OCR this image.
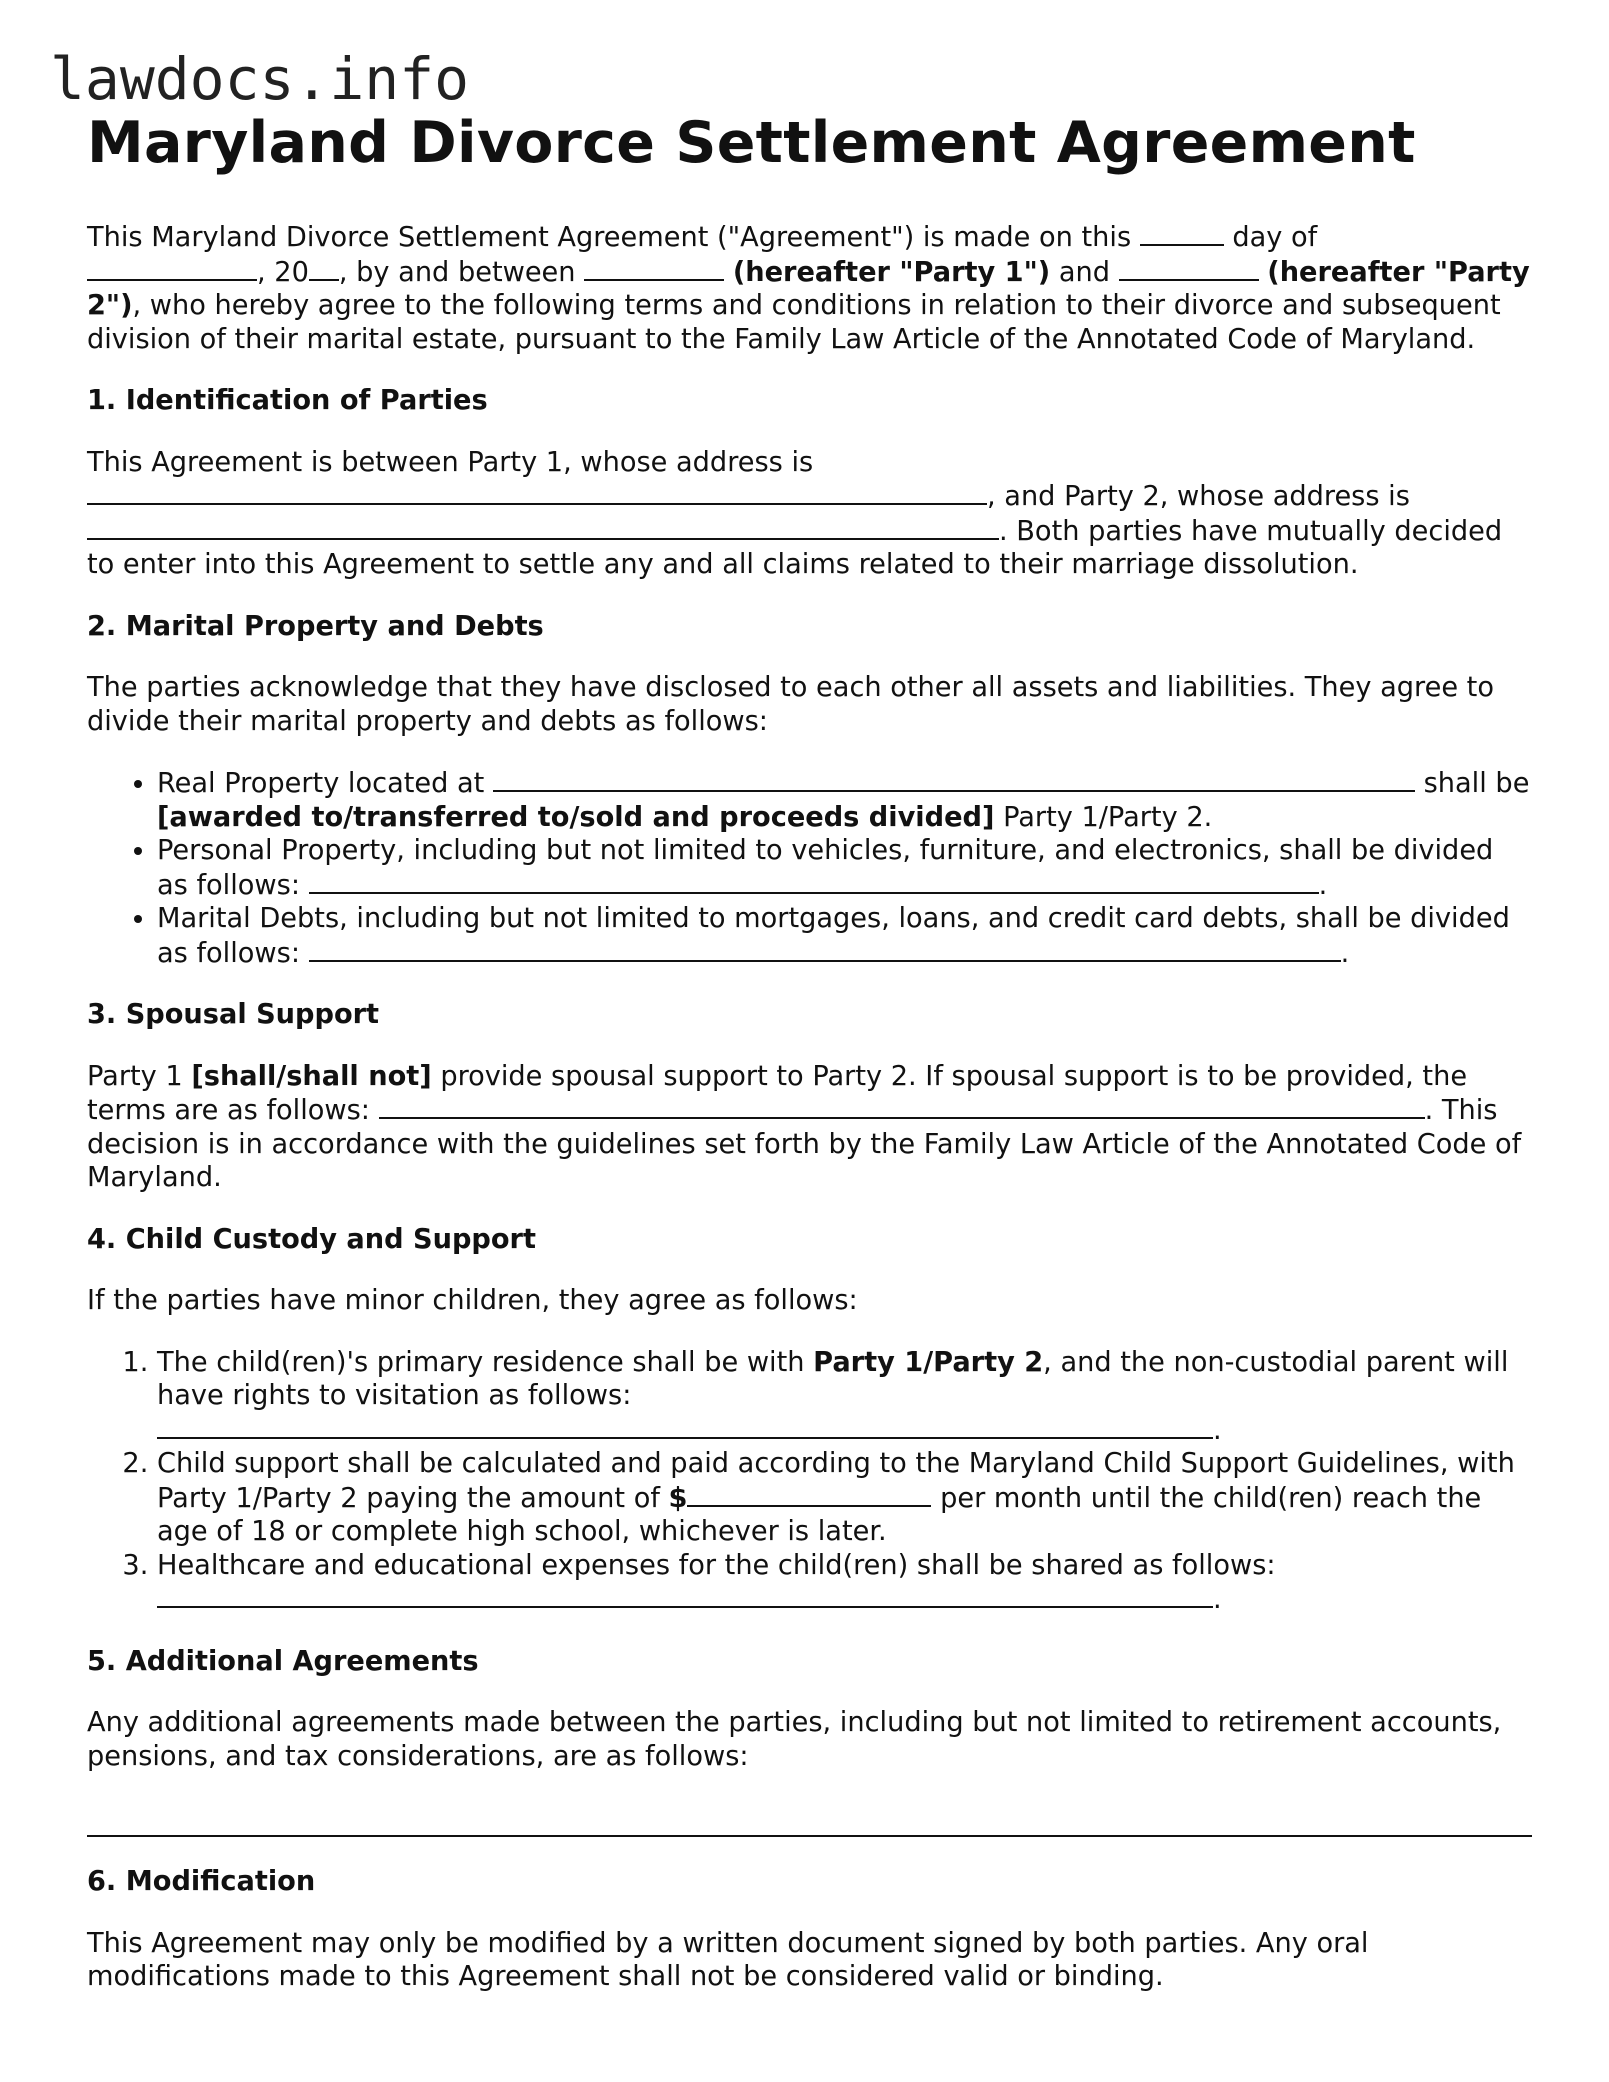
lawdocs.info
Maryland Divorce Settlement Agreement

This Maryland Divorce Settlement Agreement ("Agreement") is made on this	day of
, 20 , by and between	(hereafter "Party 1") and	(hereafter "Party 2"), who hereby agree to the following terms and conditions in relation to their divorce and subsequent division of their marital estate, pursuant to the Family Law Article of the Annotated Code of Maryland.

1. Identification of Parties

This Agreement is between Party 1, whose address is
, and Party 2, whose address is
. Both parties have mutually decided to enter into this Agreement to settle any and all claims related to their marriage dissolution.

2. Marital Property and Debts

The parties acknowledge that they have disclosed to each other all assets and liabilities. They agree to divide their marital property and debts as follows:

• Real Property located at	shall be [awarded to/transferred to/sold and proceeds divided] Party 1/Party 2.
• Personal Property, including but not limited to vehicles, furniture, and electronics, shall be divided as follows:	.
• Marital Debts, including but not limited to mortgages, loans, and credit card debts, shall be divided as follows:	.
3. Spousal Support

Party 1 [shall/shall not] provide spousal support to Party 2. If spousal support is to be provided, the terms are as follows:	. This decision is in accordance with the guidelines set forth by the Family Law Article of the Annotated Code of Maryland.

4. Child Custody and Support

If the parties have minor children, they agree as follows:

1. The child(ren)'s primary residence shall be with Party 1/Party 2, and the non-custodial parent will have rights to visitation as follows:
.
2. Child support shall be calculated and paid according to the Maryland Child Support Guidelines, with Party 1/Party 2 paying the amount of $	per month until the child(ren) reach the age of 18 or complete high school, whichever is later.
3. Healthcare and educational expenses for the child(ren) shall be shared as follows:
.
5. Additional Agreements

Any additional agreements made between the parties, including but not limited to retirement accounts, pensions, and tax considerations, are as follows:

6. Modification

This Agreement may only be modified by a written document signed by both parties. Any oral modifications made to this Agreement shall not be considered valid or binding.
